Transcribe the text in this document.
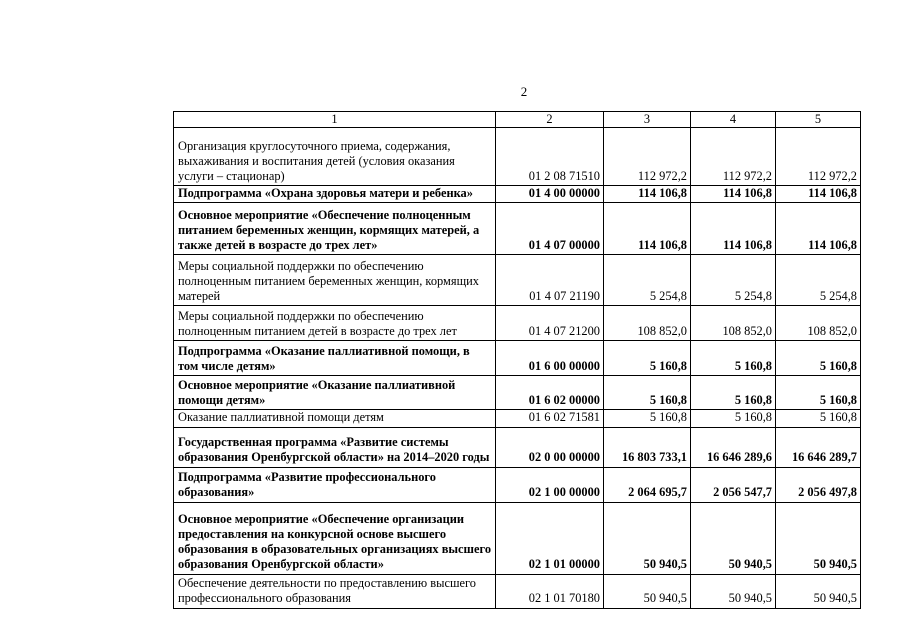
2
1	2	3	4	5
Организация круглосуточного приема, содержания, выхаживания и воспитания детей (условия оказания услуги – стационар)	01 2 08 71510	112 972,2	112 972,2	112 972,2
Подпрограмма «Охрана здоровья матери и ребенка»	01 4 00 00000	114 106,8	114 106,8	114 106,8
Основное мероприятие «Обеспечение полноценным питанием беременных женщин, кормящих матерей, а также детей в возрасте до трех лет»	01 4 07 00000	114 106,8	114 106,8	114 106,8
Меры социальной поддержки по обеспечению полноценным питанием беременных женщин, кормящих матерей	01 4 07 21190	5 254,8	5 254,8	5 254,8
Меры социальной поддержки по обеспечению полноценным питанием детей в возрасте до трех лет	01 4 07 21200	108 852,0	108 852,0	108 852,0
Подпрограмма «Оказание паллиативной помощи, в том числе детям»	01 6 00 00000	5 160,8	5 160,8	5 160,8
Основное мероприятие «Оказание паллиативной помощи детям»	01 6 02 00000	5 160,8	5 160,8	5 160,8
Оказание паллиативной помощи детям	01 6 02 71581	5 160,8	5 160,8	5 160,8
Государственная программа «Развитие системы образования Оренбургской области» на 2014–2020 годы	02 0 00 00000	16 803 733,1	16 646 289,6	16 646 289,7
Подпрограмма «Развитие профессионального образования»	02 1 00 00000	2 064 695,7	2 056 547,7	2 056 497,8
Основное мероприятие «Обеспечение организации предоставления на конкурсной основе высшего образования в образовательных организациях высшего образования Оренбургской области»	02 1 01 00000	50 940,5	50 940,5	50 940,5
Обеспечение деятельности по предоставлению высшего профессионального образования	02 1 01 70180	50 940,5	50 940,5	50 940,5
